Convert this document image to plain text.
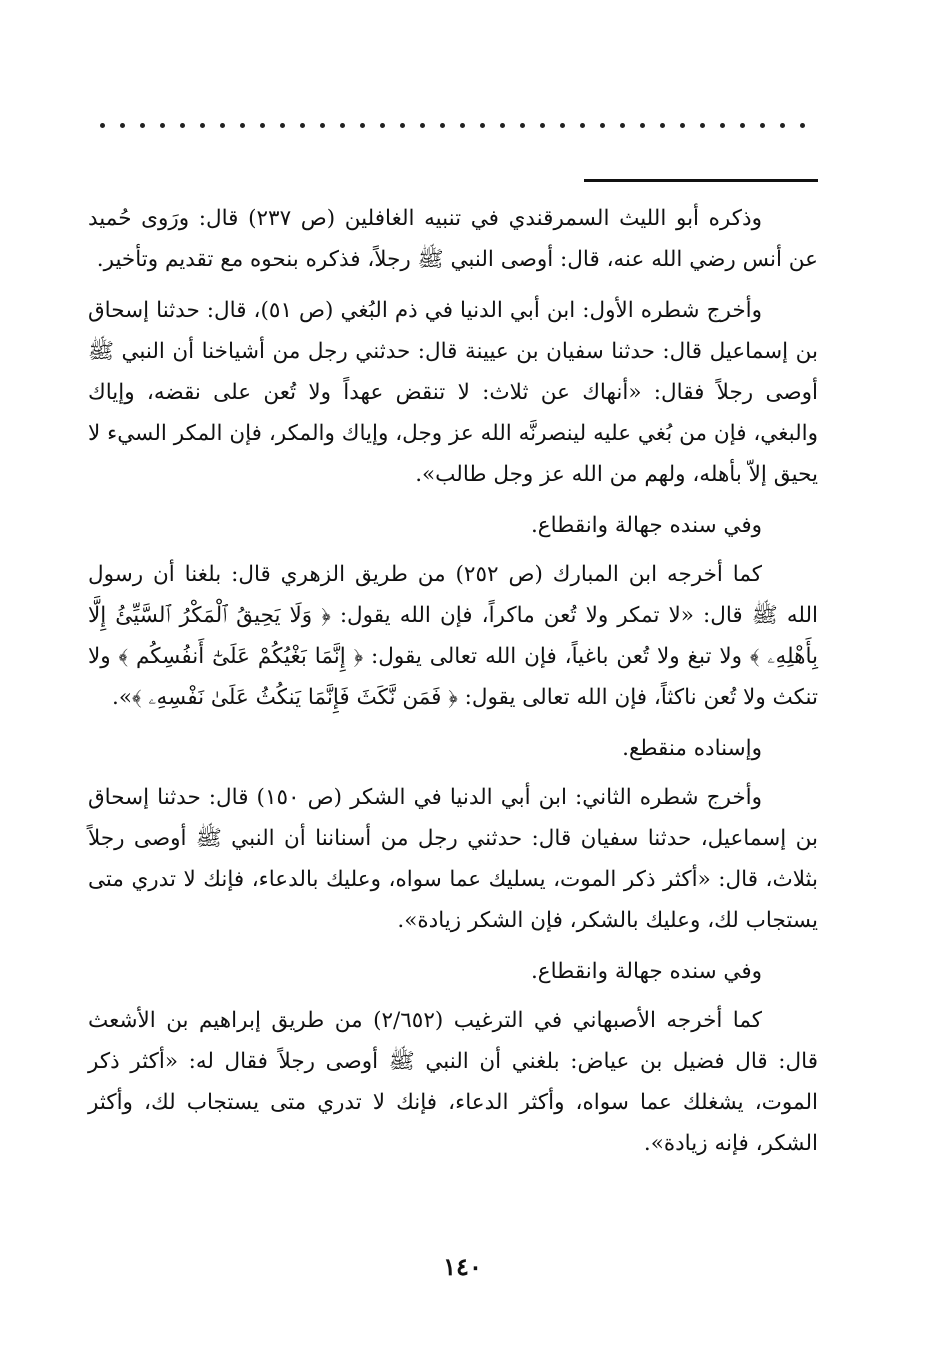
وذكره أبو الليث السمرقندي في تنبيه الغافلين (ص ٢٣٧) قال: ورَوى حُميد عن أنس رضي الله عنه، قال: أوصى النبي ﷺ رجلاً، فذكره بنحوه مع تقديم وتأخير.

وأخرج شطره الأول: ابن أبي الدنيا في ذم البُغي (ص ٥١)، قال: حدثنا إسحاق بن إسماعيل قال: حدثنا سفيان بن عيينة قال: حدثني رجل من أشياخنا أن النبي ﷺ أوصى رجلاً فقال: «أنهاك عن ثلاث: لا تنقض عهداً ولا تُعن على نقضه، وإياك والبغي، فإن من بُغي عليه لينصرنَّه الله عز وجل، وإياك والمكر، فإن المكر السيء لا يحيق إلاّ بأهله، ولهم من الله عز وجل طالب».

وفي سنده جهالة وانقطاع.

كما أخرجه ابن المبارك (ص ٢٥٢) من طريق الزهري قال: بلغنا أن رسول الله ﷺ قال: «لا تمكر ولا تُعن ماكراً، فإن الله يقول: ﴿ وَلَا يَحِيقُ ٱلْمَكْرُ ٱلسَّيِّئُ إِلَّا بِأَهْلِهِۦ ﴾ ولا تبغ ولا تُعن باغياً، فإن الله تعالى يقول: ﴿ إِنَّمَا بَغْيُكُمْ عَلَىٰٓ أَنفُسِكُم ﴾ ولا تنكث ولا تُعن ناكثاً، فإن الله تعالى يقول: ﴿ فَمَن نَّكَثَ فَإِنَّمَا يَنكُثُ عَلَىٰ نَفْسِهِۦ ﴾».

وإسناده منقطع.

وأخرج شطره الثاني: ابن أبي الدنيا في الشكر (ص ١٥٠) قال: حدثنا إسحاق بن إسماعيل، حدثنا سفيان قال: حدثني رجل من أسناننا أن النبي ﷺ أوصى رجلاً بثلاث، قال: «أكثر ذكر الموت، يسليك عما سواه، وعليك بالدعاء، فإنك لا تدري متى يستجاب لك، وعليك بالشكر، فإن الشكر زيادة».

وفي سنده جهالة وانقطاع.

كما أخرجه الأصبهاني في الترغيب (٢/٦٥٢) من طريق إبراهيم بن الأشعث قال: قال فضيل بن عياض: بلغني أن النبي ﷺ أوصى رجلاً فقال له: «أكثر ذكر الموت، يشغلك عما سواه، وأكثر الدعاء، فإنك لا تدري متى يستجاب لك، وأكثر الشكر، فإنه زيادة».

١٤٠
